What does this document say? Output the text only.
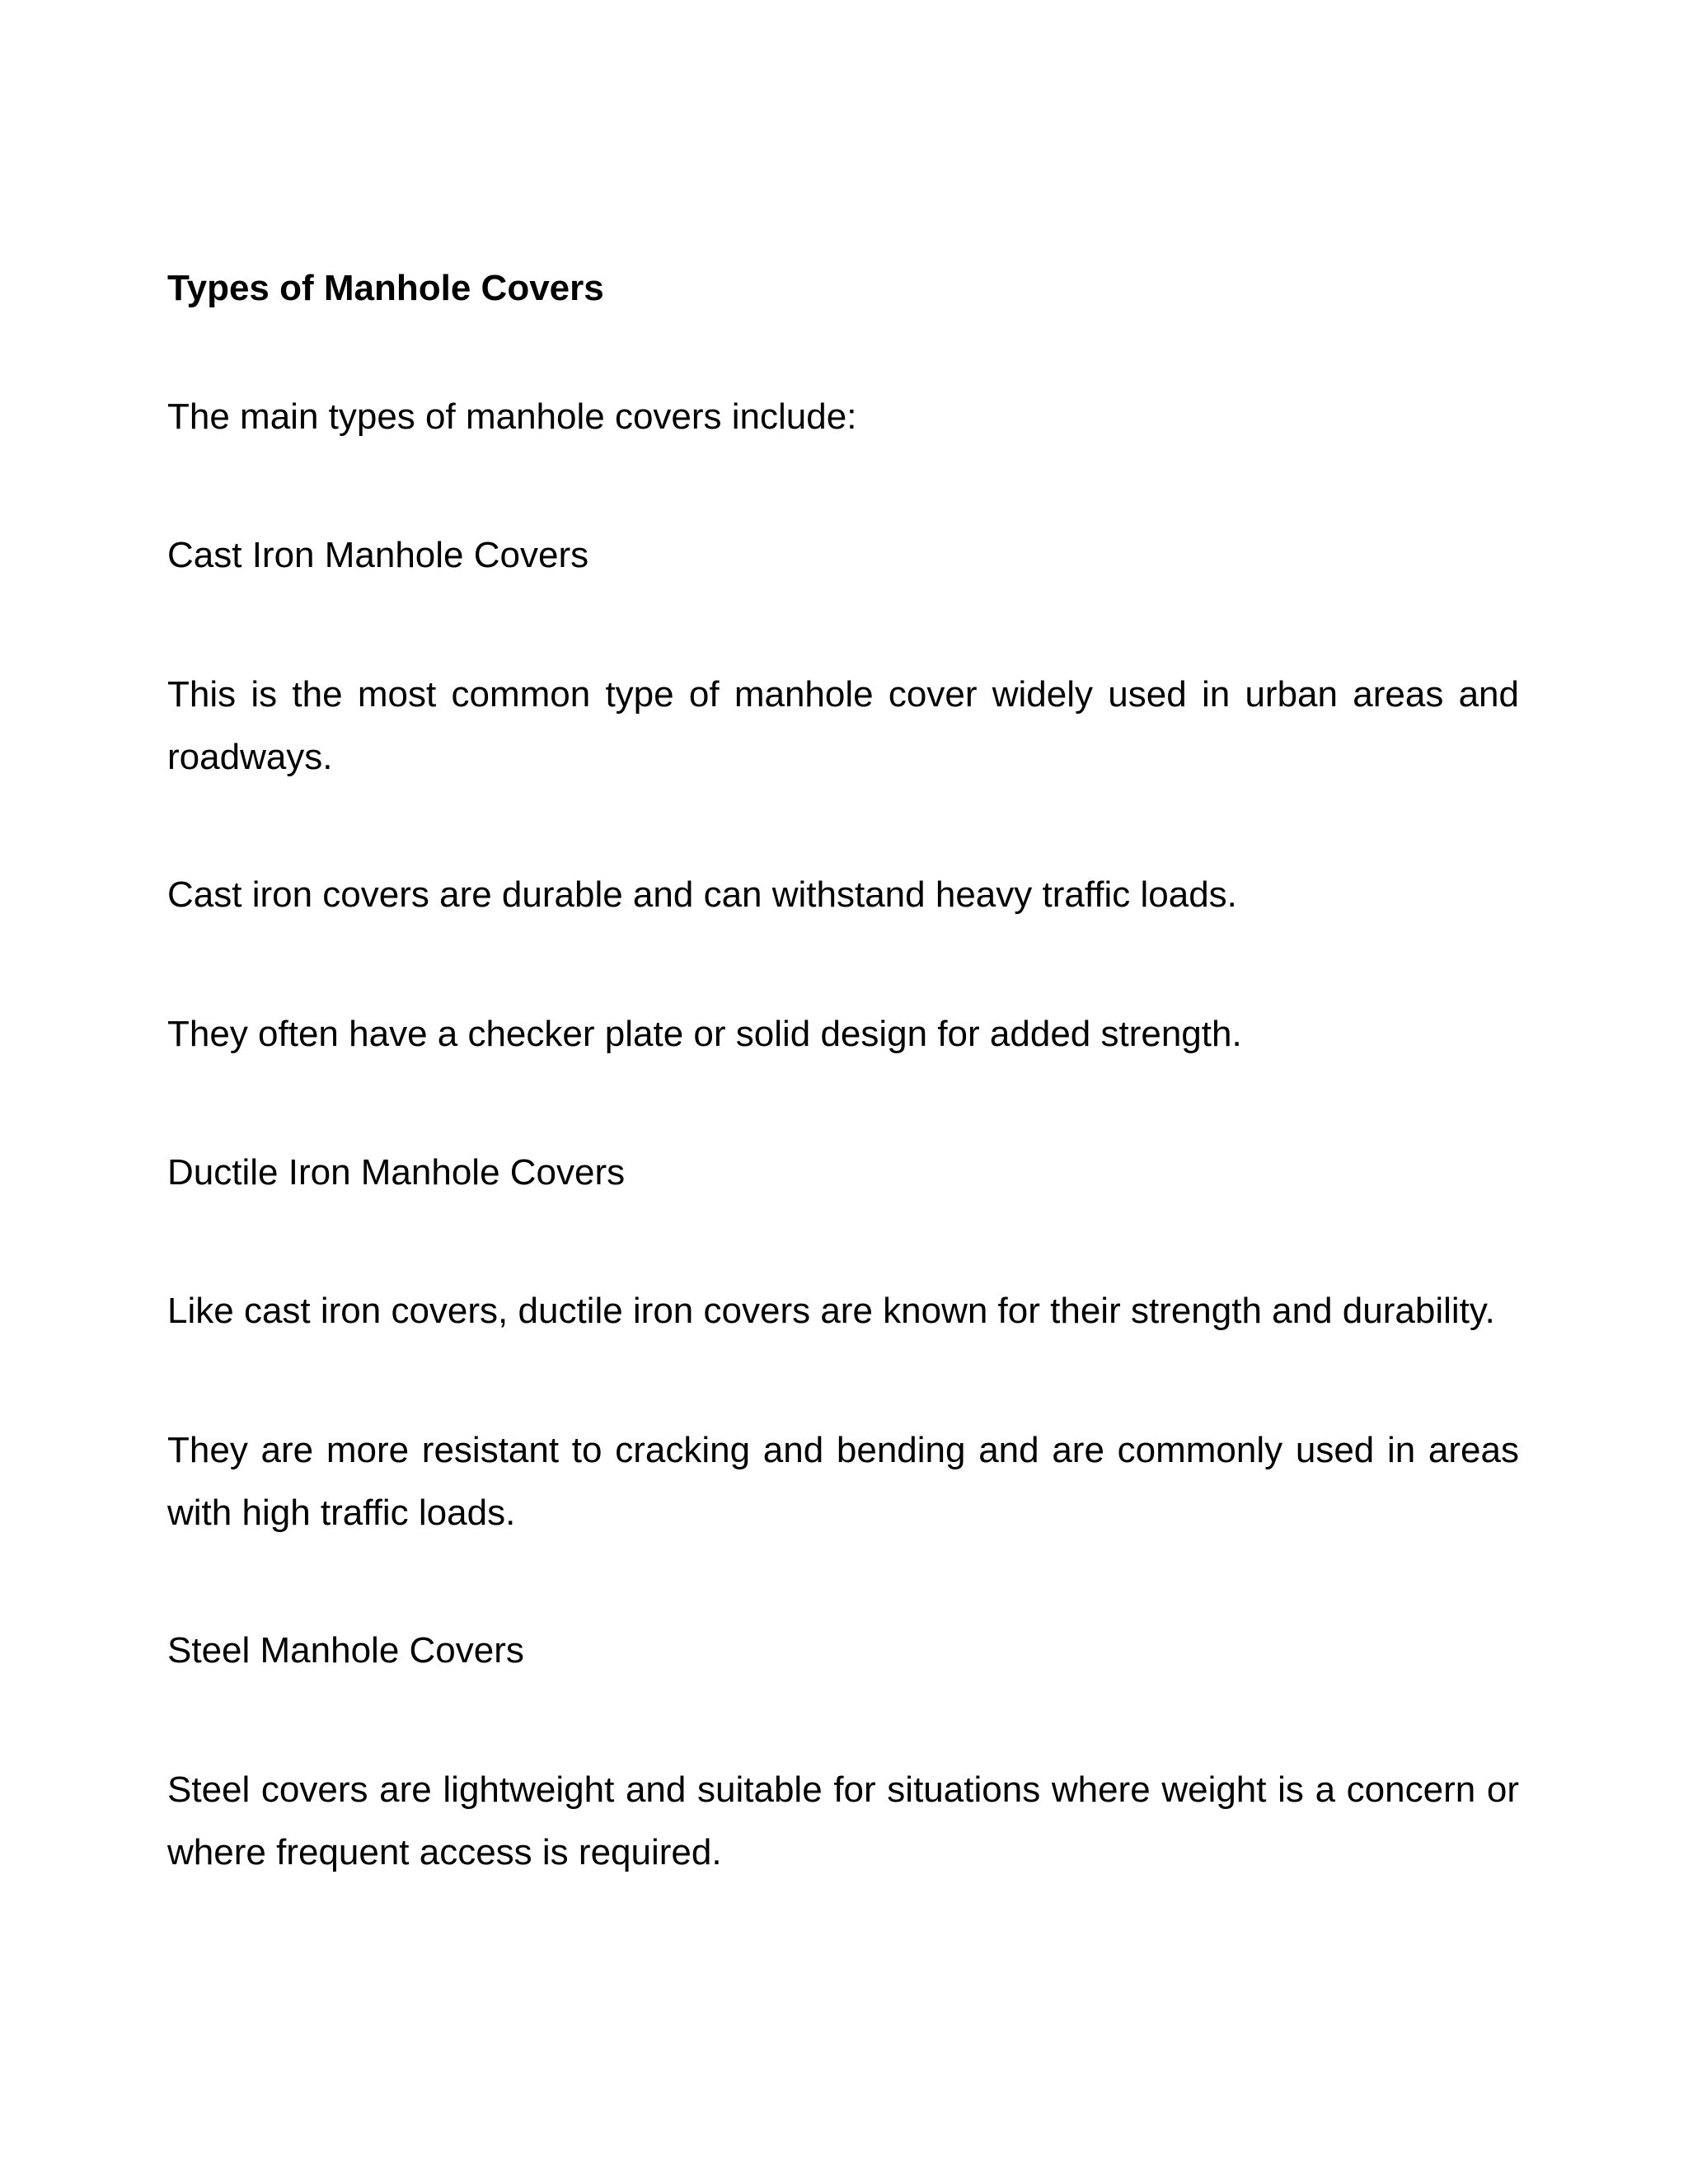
Types of Manhole Covers

The main types of manhole covers include:

Cast Iron Manhole Covers

This is the most common type of manhole cover widely used in urban areas and roadways.

Cast iron covers are durable and can withstand heavy traffic loads.

They often have a checker plate or solid design for added strength.

Ductile Iron Manhole Covers

Like cast iron covers, ductile iron covers are known for their strength and durability.

They are more resistant to cracking and bending and are commonly used in areas with high traffic loads.

Steel Manhole Covers

Steel covers are lightweight and suitable for situations where weight is a concern or where frequent access is required.
